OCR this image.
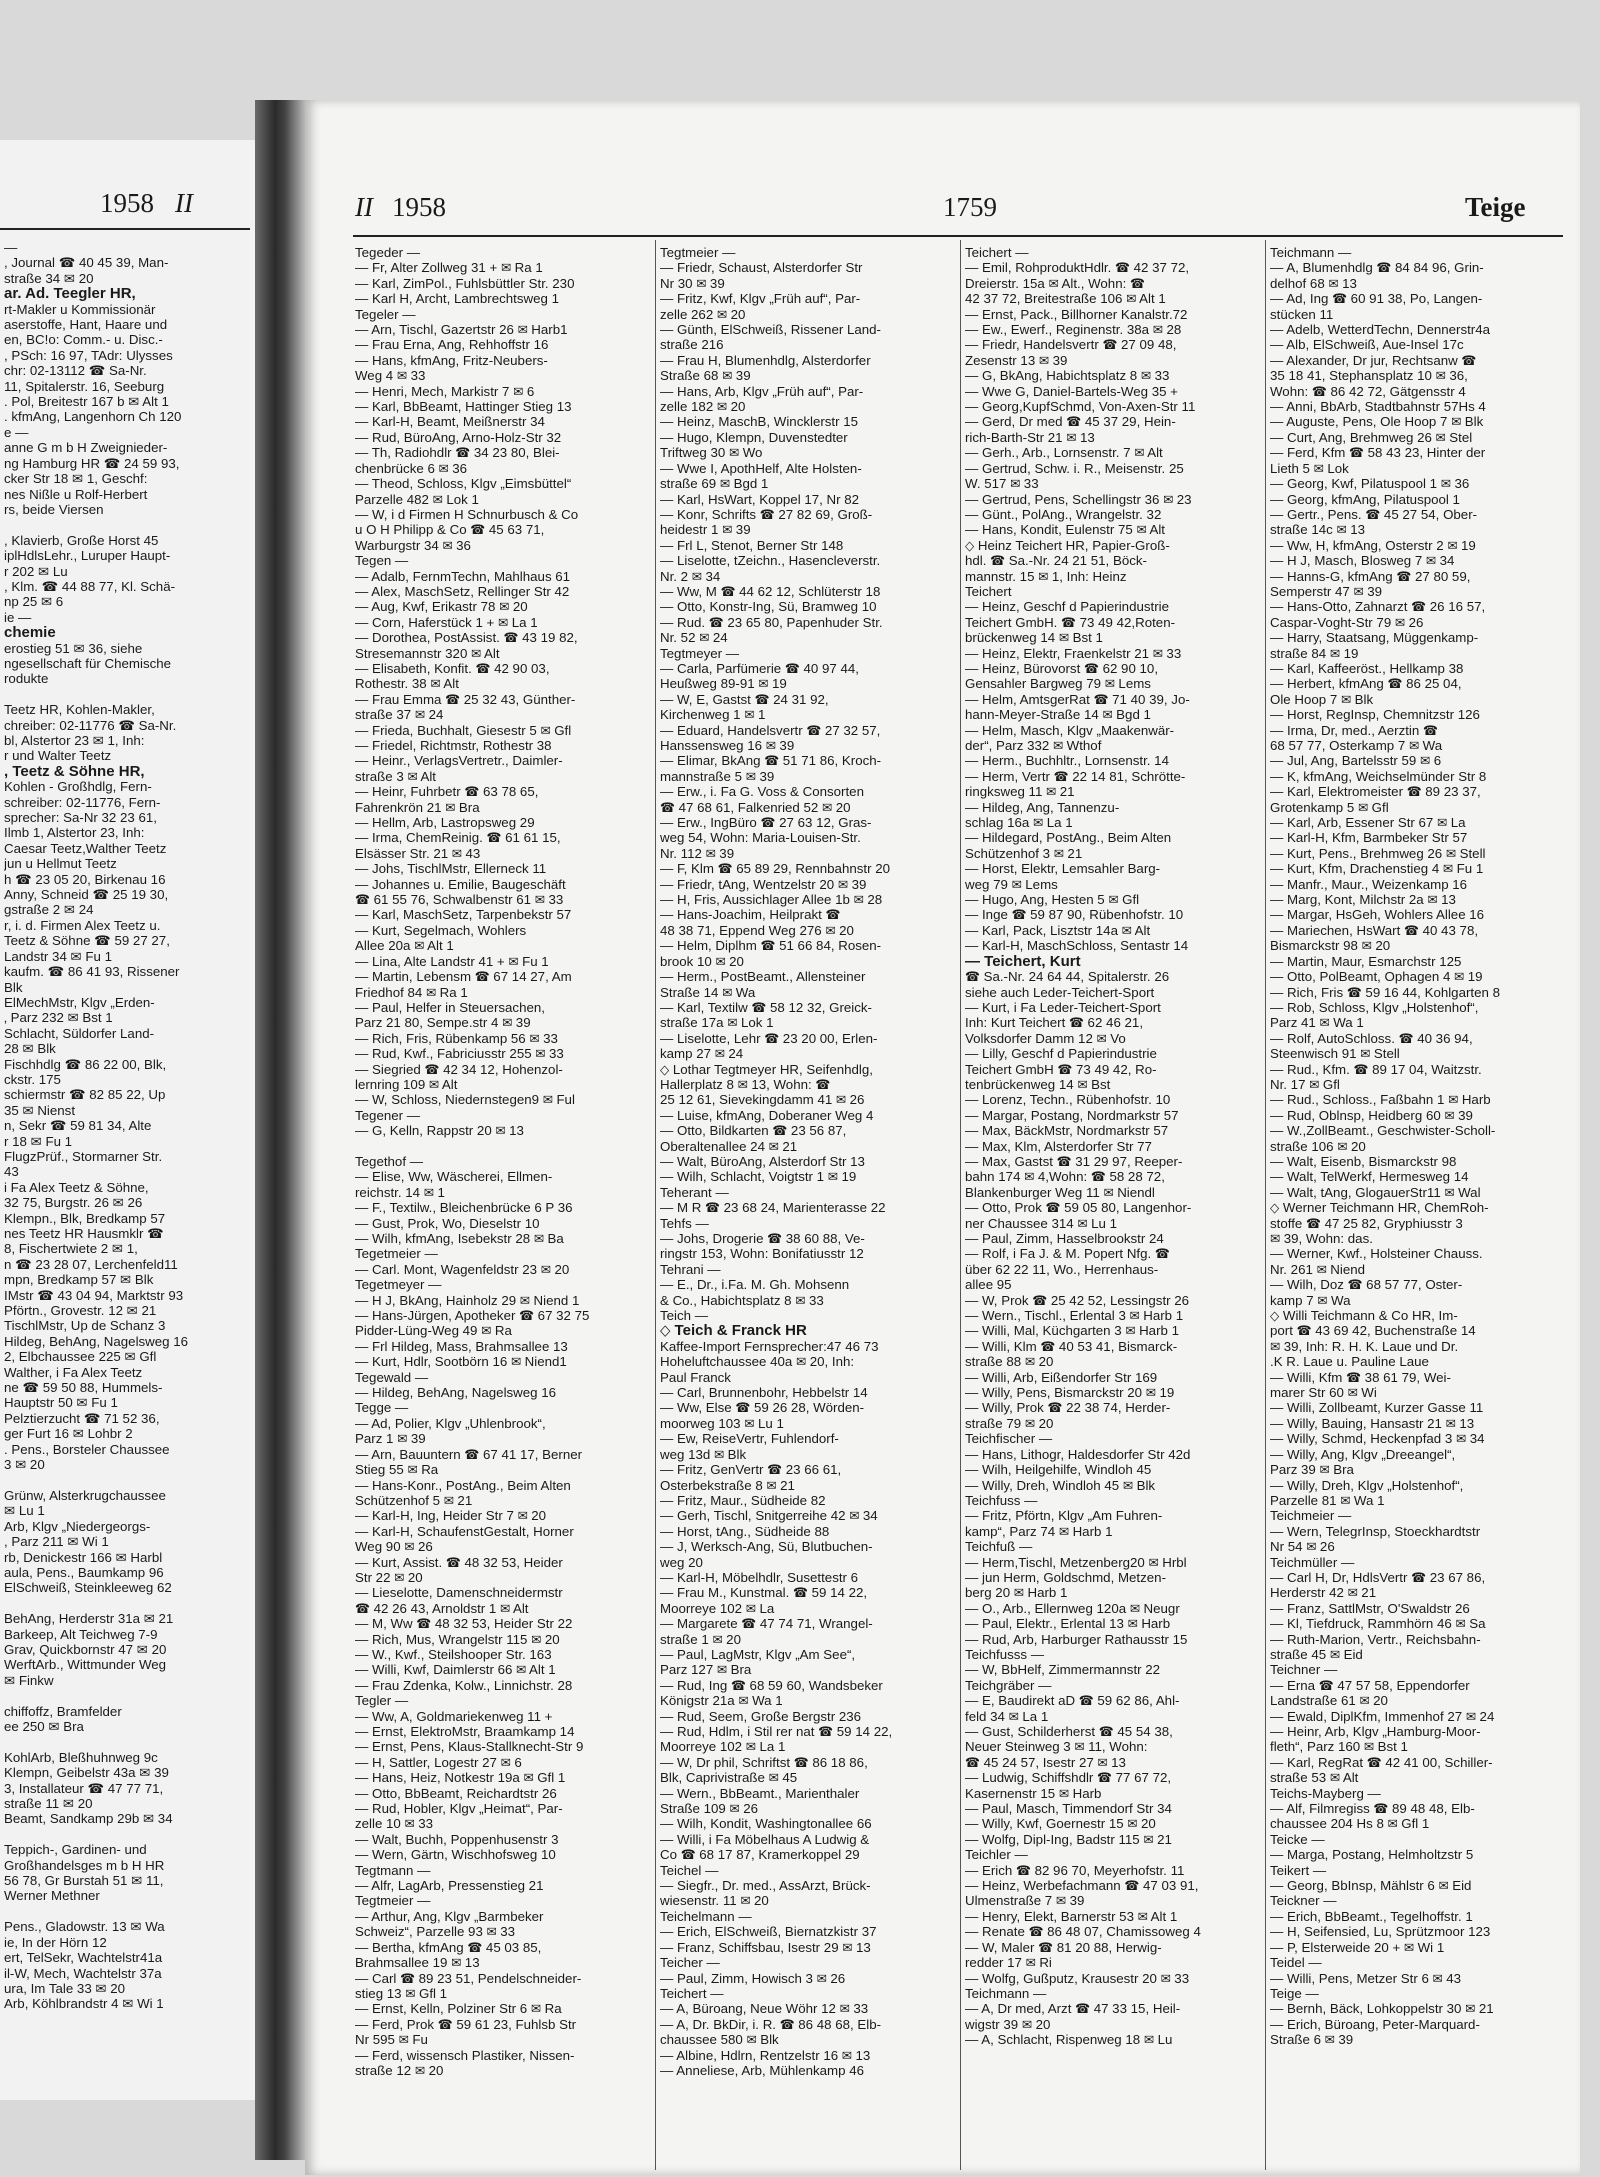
1958 II
—
, Journal ☎ 40 45 39, Man-
straße 34 ✉ 20
ar. Ad. Teegler HR,
rt-Makler u Kommissionär
aserstoffe, Hant, Haare und
en, BC!o: Comm.- u. Disc.-
, PSch: 16 97, TAdr: Ulysses
chr: 02-13112 ☎ Sa-Nr.
11, Spitalerstr. 16, Seeburg
. Pol, Breitestr 167 b ✉ Alt 1
. kfmAng, Langenhorn Ch 120
e —
anne G m b H Zweignieder-
ng Hamburg HR ☎ 24 59 93,
cker Str 18 ✉ 1, Geschf:
nes Nißle u Rolf-Herbert
rs, beide Viersen

, Klavierb, Große Horst 45
iplHdlsLehr., Luruper Haupt-
r 202 ✉ Lu
, Klm. ☎ 44 88 77, Kl. Schä-
np 25 ✉ 6
ie —
chemie
erostieg 51 ✉ 36, siehe
ngesellschaft für Chemische
rodukte

Teetz HR, Kohlen-Makler,
chreiber: 02-11776 ☎ Sa-Nr.
bl, Alstertor 23 ✉ 1, Inh:
r und Walter Teetz
, Teetz & Söhne HR,
Kohlen - Großhdlg, Fern-
schreiber: 02-11776, Fern-
sprecher: Sa-Nr 32 23 61,
Ilmb 1, Alstertor 23, Inh:
Caesar Teetz,Walther Teetz
jun u Hellmut Teetz
h ☎ 23 05 20, Birkenau 16
Anny, Schneid ☎ 25 19 30,
gstraße 2 ✉ 24
r, i. d. Firmen Alex Teetz u.
Teetz & Söhne ☎ 59 27 27,
Landstr 34 ✉ Fu 1
kaufm. ☎ 86 41 93, Rissener
Blk
ElMechMstr, Klgv „Erden-
‚ Parz 232 ✉ Bst 1
Schlacht, Süldorfer Land-
28 ✉ Blk
Fischhdlg ☎ 86 22 00, Blk,
ckstr. 175
schiermstr ☎ 82 85 22, Up
35 ✉ Nienst
n, Sekr ☎ 59 81 34, Alte
r 18 ✉ Fu 1
FlugzPrüf., Stormarner Str.
43
i Fa Alex Teetz & Söhne,
32 75, Burgstr. 26 ✉ 26
Klempn., Blk, Bredkamp 57
nes Teetz HR Hausmklr ☎
8, Fischertwiete 2 ✉ 1,
n ☎ 23 28 07, Lerchenfeld11
mpn, Bredkamp 57 ✉ Blk
IMstr ☎ 43 04 94, Marktstr 93
Pförtn., Grovestr. 12 ✉ 21
TischlMstr, Up de Schanz 3
Hildeg, BehAng, Nagelsweg 16
2, Elbchaussee 225 ✉ Gfl
Walther, i Fa Alex Teetz
ne ☎ 59 50 88, Hummels-
Hauptstr 50 ✉ Fu 1
Pelztierzucht ☎ 71 52 36,
ger Furt 16 ✉ Lohbr 2
. Pens., Borsteler Chaussee
3 ✉ 20

Grünw, Alsterkrugchaussee
✉ Lu 1
Arb, Klgv „Niedergeorgs-
, Parz 211 ✉ Wi 1
rb, Denickestr 166 ✉ Harbl
aula, Pens., Baumkamp 96
ElSchweiß, Steinkleeweg 62

BehAng, Herderstr 31a ✉ 21
Barkeep, Alt Teichweg 7-9
Grav, Quickbornstr 47 ✉ 20
WerftArb., Wittmunder Weg
✉ Finkw

chiffoffz, Bramfelder
ee 250 ✉ Bra

KohlArb, Bleßhuhnweg 9c
Klempn, Geibelstr 43a ✉ 39
3, Installateur ☎ 47 77 71,
straße 11 ✉ 20
Beamt, Sandkamp 29b ✉ 34

Teppich-, Gardinen- und
Großhandelsges m b H HR
56 78, Gr Burstah 51 ✉ 11,
Werner Methner

Pens., Gladowstr. 13 ✉ Wa
ie, In der Hörn 12
ert, TelSekr, Wachtelstr41a
il-W, Mech, Wachtelstr 37a
ura, Im Tale 33 ✉ 20
Arb, Köhlbrandstr 4 ✉ Wi 1
II 1958	1759	Teige
Tegeder —
— Fr, Alter Zollweg 31 + ✉ Ra 1
— Karl, ZimPol., Fuhlsbüttler Str. 230
— Karl H, Archt, Lambrechtsweg 1
Tegeler —
— Arn, Tischl, Gazertstr 26 ✉ Harb1
— Frau Erna, Ang, Rehhoffstr 16
— Hans, kfmAng, Fritz-Neubers-
Weg 4 ✉ 33
— Henri, Mech, Markistr 7 ✉ 6
— Karl, BbBeamt, Hattinger Stieg 13
— Karl-H, Beamt, Meißnerstr 34
— Rud, BüroAng, Arno-Holz-Str 32
— Th, Radiohdlr ☎ 34 23 80, Blei-
chenbrücke 6 ✉ 36
— Theod, Schloss, Klgv „Eimsbüttel“
Parzelle 482 ✉ Lok 1
— W, i d Firmen H Schnurbusch & Co
u O H Philipp & Co ☎ 45 63 71,
Warburgstr 34 ✉ 36
Tegen —
— Adalb, FernmTechn, Mahlhaus 61
— Alex, MaschSetz, Rellinger Str 42
— Aug, Kwf, Erikastr 78 ✉ 20
— Corn, Haferstück 1 + ✉ La 1
— Dorothea, PostAssist. ☎ 43 19 82,
Stresemannstr 320 ✉ Alt
— Elisabeth, Konfit. ☎ 42 90 03,
Rothestr. 38 ✉ Alt
— Frau Emma ☎ 25 32 43, Günther-
straße 37 ✉ 24
— Frieda, Buchhalt, Giesestr 5 ✉ Gfl
— Friedel, Richtmstr, Rothestr 38
— Heinr., VerlagsVertretr., Daimler-
straße 3 ✉ Alt
— Heinr, Fuhrbetr ☎ 63 78 65,
Fahrenkrön 21 ✉ Bra
— Hellm, Arb, Lastropsweg 29
— Irma, ChemReinig. ☎ 61 61 15,
Elsässer Str. 21 ✉ 43
— Johs, TischlMstr, Ellerneck 11
— Johannes u. Emilie, Baugeschäft
☎ 61 55 76, Schwalbenstr 61 ✉ 33
— Karl, MaschSetz, Tarpenbekstr 57
— Kurt, Segelmach, Wohlers
Allee 20a ✉ Alt 1
— Lina, Alte Landstr 41 + ✉ Fu 1
— Martin, Lebensm ☎ 67 14 27, Am
Friedhof 84 ✉ Ra 1
— Paul, Helfer in Steuersachen,
Parz 21 80, Sempe.str 4 ✉ 39
— Rich, Fris, Rübenkamp 56 ✉ 33
— Rud, Kwf., Fabriciusstr 255 ✉ 33
— Siegried ☎ 42 34 12, Hohenzol-
lernring 109 ✉ Alt
— W, Schloss, Niedernstegen9 ✉ Ful
Tegener —
— G, Kelln, Rappstr 20 ✉ 13

Tegethof —
— Elise, Ww, Wäscherei, Ellmen-
reichstr. 14 ✉ 1
— F., Textilw., Bleichenbrücke 6 P 36
— Gust, Prok, Wo, Dieselstr 10
— Wilh, kfmAng, Isebekstr 28 ✉ Ba
Tegetmeier —
— Carl. Mont, Wagenfeldstr 23 ✉ 20
Tegetmeyer —
— H J, BkAng, Hainholz 29 ✉ Niend 1
— Hans-Jürgen, Apotheker ☎ 67 32 75
Pidder-Lüng-Weg 49 ✉ Ra
— Frl Hildeg, Mass, Brahmsallee 13
— Kurt, Hdlr, Sootbörn 16 ✉ Niend1
Tegewald —
— Hildeg, BehAng, Nagelsweg 16
Tegge —
— Ad, Polier, Klgv „Uhlenbrook“,
Parz 1 ✉ 39
— Arn, Bauuntern ☎ 67 41 17, Berner
Stieg 55 ✉ Ra
— Hans-Konr., PostAng., Beim Alten
Schützenhof 5 ✉ 21
— Karl-H, Ing, Heider Str 7 ✉ 20
— Karl-H, SchaufenstGestalt, Horner
Weg 90 ✉ 26
— Kurt, Assist. ☎ 48 32 53, Heider
Str 22 ✉ 20
— Lieselotte, Damenschneidermstr
☎ 42 26 43, Arnoldstr 1 ✉ Alt
— M, Ww ☎ 48 32 53, Heider Str 22
— Rich, Mus, Wrangelstr 115 ✉ 20
— W., Kwf., Steilshooper Str. 163
— Willi, Kwf, Daimlerstr 66 ✉ Alt 1
— Frau Zdenka, Kolw., Linnichstr. 28
Tegler —
— Ww, A, Goldmariekenweg 11 +
— Ernst, ElektroMstr, Braamkamp 14
— Ernst, Pens, Klaus-Stallknecht-Str 9
— H, Sattler, Logestr 27 ✉ 6
— Hans, Heiz, Notkestr 19a ✉ Gfl 1
— Otto, BbBeamt, Reichardtstr 26
— Rud, Hobler, Klgv „Heimat“, Par-
zelle 10 ✉ 33
— Walt, Buchh, Poppenhusenstr 3
— Wern, Gärtn, Wischhofsweg 10
Tegtmann —
— Alfr, LagArb, Pressenstieg 21
Tegtmeier —
— Arthur, Ang, Klgv „Barmbeker
Schweiz“, Parzelle 93 ✉ 33
— Bertha, kfmAng ☎ 45 03 85,
Brahmsallee 19 ✉ 13
— Carl ☎ 89 23 51, Pendelschneider-
stieg 13 ✉ Gfl 1
— Ernst, Kelln, Polziner Str 6 ✉ Ra
— Ferd, Prok ☎ 59 61 23, Fuhlsb Str
Nr 595 ✉ Fu
— Ferd, wissensch Plastiker, Nissen-
straße 12 ✉ 20
Tegtmeier —
— Friedr, Schaust, Alsterdorfer Str
Nr 30 ✉ 39
— Fritz, Kwf, Klgv „Früh auf“, Par-
zelle 262 ✉ 20
— Günth, ElSchweiß, Rissener Land-
straße 216
— Frau H, Blumenhdlg, Alsterdorfer
Straße 68 ✉ 39
— Hans, Arb, Klgv „Früh auf“, Par-
zelle 182 ✉ 20
— Heinz, MaschB, Wincklerstr 15
— Hugo, Klempn, Duvenstedter
Triftweg 30 ✉ Wo
— Wwe I, ApothHelf, Alte Holsten-
straße 69 ✉ Bgd 1
— Karl, HsWart, Koppel 17, Nr 82
— Konr, Schrifts ☎ 27 82 69, Groß-
heidestr 1 ✉ 39
— Frl L, Stenot, Berner Str 148
— Liselotte, tZeichn., Hasencleverstr.
Nr. 2 ✉ 34
— Ww, M ☎ 44 62 12, Schlüterstr 18
— Otto, Konstr-Ing, Sü, Bramweg 10
— Rud. ☎ 23 65 80, Papenhuder Str.
Nr. 52 ✉ 24
Tegtmeyer —
— Carla, Parfümerie ☎ 40 97 44,
Heußweg 89-91 ✉ 19
— W, E, Gastst ☎ 24 31 92,
Kirchenweg 1 ✉ 1
— Eduard, Handelsvertr ☎ 27 32 57,
Hanssensweg 16 ✉ 39
— Elimar, BkAng ☎ 51 71 86, Kroch-
mannstraße 5 ✉ 39
— Erw., i. Fa G. Voss & Consorten
☎ 47 68 61, Falkenried 52 ✉ 20
— Erw., IngBüro ☎ 27 63 12, Gras-
weg 54, Wohn: Maria-Louisen-Str.
Nr. 112 ✉ 39
— F, Klm ☎ 65 89 29, Rennbahnstr 20
— Friedr, tAng, Wentzelstr 20 ✉ 39
— H, Fris, Aussichlager Allee 1b ✉ 28
— Hans-Joachim, Heilprakt ☎
48 38 71, Eppend Weg 276 ✉ 20
— Helm, Diplhm ☎ 51 66 84, Rosen-
brook 10 ✉ 20
— Herm., PostBeamt., Allensteiner
Straße 14 ✉ Wa
— Karl, Textilw ☎ 58 12 32, Greick-
straße 17a ✉ Lok 1
— Liselotte, Lehr ☎ 23 20 00, Erlen-
kamp 27 ✉ 24
◇ Lothar Tegtmeyer HR, Seifenhdlg,
Hallerplatz 8 ✉ 13, Wohn: ☎
25 12 61, Sievekingdamm 41 ✉ 26
— Luise, kfmAng, Doberaner Weg 4
— Otto, Bildkarten ☎ 23 56 87,
Oberaltenallee 24 ✉ 21
— Walt, BüroAng, Alsterdorf Str 13
— Wilh, Schlacht, Voigtstr 1 ✉ 19
Teherant —
— M R ☎ 23 68 24, Marienterasse 22
Tehfs —
— Johs, Drogerie ☎ 38 60 88, Ve-
ringstr 153, Wohn: Bonifatiusstr 12
Tehrani —
— E., Dr., i.Fa. M. Gh. Mohsenn
& Co., Habichtsplatz 8 ✉ 33
Teich —
◇ Teich & Franck HR
Kaffee-Import Fernsprecher:47 46 73
Hoheluftchaussee 40a ✉ 20, Inh:
Paul Franck
— Carl, Brunnenbohr, Hebbelstr 14
— Ww, Else ☎ 59 26 28, Wörden-
moorweg 103 ✉ Lu 1
— Ew, ReiseVertr, Fuhlendorf-
weg 13d ✉ Blk
— Fritz, GenVertr ☎ 23 66 61,
Osterbekstraße 8 ✉ 21
— Fritz, Maur., Südheide 82
— Gerh, Tischl, Snitgerreihe 42 ✉ 34
— Horst, tAng., Südheide 88
— J, Werksch-Ang, Sü, Blutbuchen-
weg 20
— Karl-H, Möbelhdlr, Susettestr 6
— Frau M., Kunstmal. ☎ 59 14 22,
Moorreye 102 ✉ La
— Margarete ☎ 47 74 71, Wrangel-
straße 1 ✉ 20
— Paul, LagMstr, Klgv „Am See“,
Parz 127 ✉ Bra
— Rud, Ing ☎ 68 59 60, Wandsbeker
Königstr 21a ✉ Wa 1
— Rud, Seem, Große Bergstr 236
— Rud, Hdlm, i Stil rer nat ☎ 59 14 22,
Moorreye 102 ✉ La 1
— W, Dr phil, Schriftst ☎ 86 18 86,
Blk, Caprivistraße ✉ 45
— Wern., BbBeamt., Marienthaler
Straße 109 ✉ 26
— Wilh, Kondit, Washingtonallee 66
— Willi, i Fa Möbelhaus A Ludwig &
Co ☎ 68 17 87, Kramerkoppel 29
Teichel —
— Siegfr., Dr. med., AssArzt, Brück-
wiesenstr. 11 ✉ 20
Teichelmann —
— Erich, ElSchweiß, Biernatzkistr 37
— Franz, Schiffsbau, Isestr 29 ✉ 13
Teicher —
— Paul, Zimm, Howisch 3 ✉ 26
Teichert —
— A, Büroang, Neue Wöhr 12 ✉ 33
— A, Dr. BkDir, i. R. ☎ 86 48 68, Elb-
chaussee 580 ✉ Blk
— Albine, Hdlrn, Rentzelstr 16 ✉ 13
— Anneliese, Arb, Mühlenkamp 46
Teichert —
— Emil, RohproduktHdlr. ☎ 42 37 72,
Dreierstr. 15a ✉ Alt., Wohn: ☎
42 37 72, Breitestraße 106 ✉ Alt 1
— Ernst, Pack., Billhorner Kanalstr.72
— Ew., Ewerf., Reginenstr. 38a ✉ 28
— Friedr, Handelsvertr ☎ 27 09 48,
Zesenstr 13 ✉ 39
— G, BkAng, Habichtsplatz 8 ✉ 33
— Wwe G, Daniel-Bartels-Weg 35 +
— Georg,KupfSchmd, Von-Axen-Str 11
— Gerd, Dr med ☎ 45 37 29, Hein-
rich-Barth-Str 21 ✉ 13
— Gerh., Arb., Lornsenstr. 7 ✉ Alt
— Gertrud, Schw. i. R., Meisenstr. 25
W. 517 ✉ 33
— Gertrud, Pens, Schellingstr 36 ✉ 23
— Günt., PolAng., Wrangelstr. 32
— Hans, Kondit, Eulenstr 75 ✉ Alt
◇ Heinz Teichert HR, Papier-Groß-
hdl. ☎ Sa.-Nr. 24 21 51, Böck-
mannstr. 15 ✉ 1, Inh: Heinz
Teichert
— Heinz, Geschf d Papierindustrie
Teichert GmbH. ☎ 73 49 42,Roten-
brückenweg 14 ✉ Bst 1
— Heinz, Elektr, Fraenkelstr 21 ✉ 33
— Heinz, Bürovorst ☎ 62 90 10,
Gensahler Bargweg 79 ✉ Lems
— Helm, AmtsgerRat ☎ 71 40 39, Jo-
hann-Meyer-Straße 14 ✉ Bgd 1
— Helm, Masch, Klgv „Maakenwär-
der“, Parz 332 ✉ Wthof
— Herm., Buchhltr., Lornsenstr. 14
— Herm, Vertr ☎ 22 14 81, Schrötte-
ringksweg 11 ✉ 21
— Hildeg, Ang, Tannenzu-
schlag 16a ✉ La 1
— Hildegard, PostAng., Beim Alten
Schützenhof 3 ✉ 21
— Horst, Elektr, Lemsahler Barg-
weg 79 ✉ Lems
— Hugo, Ang, Hesten 5 ✉ Gfl
— Inge ☎ 59 87 90, Rübenhofstr. 10
— Karl, Pack, Lisztstr 14a ✉ Alt
— Karl-H, MaschSchloss, Sentastr 14
— Teichert, Kurt
☎ Sa.-Nr. 24 64 44, Spitalerstr. 26
siehe auch Leder-Teichert-Sport
— Kurt, i Fa Leder-Teichert-Sport
Inh: Kurt Teichert ☎ 62 46 21,
Volksdorfer Damm 12 ✉ Vo
— Lilly, Geschf d Papierindustrie
Teichert GmbH ☎ 73 49 42, Ro-
tenbrückenweg 14 ✉ Bst
— Lorenz, Techn., Rübenhofstr. 10
— Margar, Postang, Nordmarkstr 57
— Max, BäckMstr, Nordmarkstr 57
— Max, Klm, Alsterdorfer Str 77
— Max, Gastst ☎ 31 29 97, Reeper-
bahn 174 ✉ 4,Wohn: ☎ 58 28 72,
Blankenburger Weg 11 ✉ Niendl
— Otto, Prok ☎ 59 05 80, Langenhor-
ner Chaussee 314 ✉ Lu 1
— Paul, Zimm, Hasselbrookstr 24
— Rolf, i Fa J. & M. Popert Nfg. ☎
über 62 22 11, Wo., Herrenhaus-
allee 95
— W, Prok ☎ 25 42 52, Lessingstr 26
— Wern., Tischl., Erlental 3 ✉ Harb 1
— Willi, Mal, Küchgarten 3 ✉ Harb 1
— Willi, Klm ☎ 40 53 41, Bismarck-
straße 88 ✉ 20
— Willi, Arb, Eißendorfer Str 169
— Willy, Pens, Bismarckstr 20 ✉ 19
— Willy, Prok ☎ 22 38 74, Herder-
straße 79 ✉ 20
Teichfischer —
— Hans, Lithogr, Haldesdorfer Str 42d
— Wilh, Heilgehilfe, Windloh 45
— Willy, Dreh, Windloh 45 ✉ Blk
Teichfuss —
— Fritz, Pförtn, Klgv „Am Fuhren-
kamp“, Parz 74 ✉ Harb 1
Teichfuß —
— Herm,Tischl, Metzenberg20 ✉ Hrbl
— jun Herm, Goldschmd, Metzen-
berg 20 ✉ Harb 1
— O., Arb., Ellernweg 120a ✉ Neugr
— Paul, Elektr., Erlental 13 ✉ Harb
— Rud, Arb, Harburger Rathausstr 15
Teichfusss —
— W, BbHelf, Zimmermannstr 22
Teichgräber —
— E, Baudirekt aD ☎ 59 62 86, Ahl-
feld 34 ✉ La 1
— Gust, Schilderherst ☎ 45 54 38,
Neuer Steinweg 3 ✉ 11, Wohn:
☎ 45 24 57, Isestr 27 ✉ 13
— Ludwig, Schiffshdlr ☎ 77 67 72,
Kasernenstr 15 ✉ Harb
— Paul, Masch, Timmendorf Str 34
— Willy, Kwf, Goernestr 15 ✉ 20
— Wolfg, Dipl-Ing, Badstr 115 ✉ 21
Teichler —
— Erich ☎ 82 96 70, Meyerhofstr. 11
— Heinz, Werbefachmann ☎ 47 03 91,
Ulmenstraße 7 ✉ 39
— Henry, Elekt, Barnerstr 53 ✉ Alt 1
— Renate ☎ 86 48 07, Chamissoweg 4
— W, Maler ☎ 81 20 88, Herwig-
redder 17 ✉ Ri
— Wolfg, Gußputz, Krausestr 20 ✉ 33
Teichmann —
— A, Dr med, Arzt ☎ 47 33 15, Heil-
wigstr 39 ✉ 20
— A, Schlacht, Rispenweg 18 ✉ Lu
Teichmann —
— A, Blumenhdlg ☎ 84 84 96, Grin-
delhof 68 ✉ 13
— Ad, Ing ☎ 60 91 38, Po, Langen-
stücken 11
— Adelb, WetterdTechn, Dennerstr4a
— Alb, ElSchweiß, Aue-Insel 17c
— Alexander, Dr jur, Rechtsanw ☎
35 18 41, Stephansplatz 10 ✉ 36,
Wohn: ☎ 86 42 72, Gätgensstr 4
— Anni, BbArb, Stadtbahnstr 57Hs 4
— Auguste, Pens, Ole Hoop 7 ✉ Blk
— Curt, Ang, Brehmweg 26 ✉ Stel
— Ferd, Kfm ☎ 58 43 23, Hinter der
Lieth 5 ✉ Lok
— Georg, Kwf, Pilatuspool 1 ✉ 36
— Georg, kfmAng, Pilatuspool 1
— Gertr., Pens. ☎ 45 27 54, Ober-
straße 14c ✉ 13
— Ww, H, kfmAng, Osterstr 2 ✉ 19
— H J, Masch, Blosweg 7 ✉ 34
— Hanns-G, kfmAng ☎ 27 80 59,
Semperstr 47 ✉ 39
— Hans-Otto, Zahnarzt ☎ 26 16 57,
Caspar-Voght-Str 79 ✉ 26
— Harry, Staatsang, Müggenkamp-
straße 84 ✉ 19
— Karl, Kaffeeröst., Hellkamp 38
— Herbert, kfmAng ☎ 86 25 04,
Ole Hoop 7 ✉ Blk
— Horst, RegInsp, Chemnitzstr 126
— Irma, Dr, med., Aerztin ☎
68 57 77, Osterkamp 7 ✉ Wa
— Jul, Ang, Bartelsstr 59 ✉ 6
— K, kfmAng, Weichselmünder Str 8
— Karl, Elektromeister ☎ 89 23 37,
Grotenkamp 5 ✉ Gfl
— Karl, Arb, Essener Str 67 ✉ La
— Karl-H, Kfm, Barmbeker Str 57
— Kurt, Pens., Brehmweg 26 ✉ Stell
— Kurt, Kfm, Drachenstieg 4 ✉ Fu 1
— Manfr., Maur., Weizenkamp 16
— Marg, Kont, Milchstr 2a ✉ 13
— Margar, HsGeh, Wohlers Allee 16
— Mariechen, HsWart ☎ 40 43 78,
Bismarckstr 98 ✉ 20
— Martin, Maur, Esmarchstr 125
— Otto, PolBeamt, Ophagen 4 ✉ 19
— Rich, Fris ☎ 59 16 44, Kohlgarten 8
— Rob, Schloss, Klgv „Holstenhof“,
Parz 41 ✉ Wa 1
— Rolf, AutoSchloss. ☎ 40 36 94,
Steenwisch 91 ✉ Stell
— Rud., Kfm. ☎ 89 17 04, Waitzstr.
Nr. 17 ✉ Gfl
— Rud., Schloss., Faßbahn 1 ✉ Harb
— Rud, Oblnsp, Heidberg 60 ✉ 39
— W.,ZollBeamt., Geschwister-Scholl-
straße 106 ✉ 20
— Walt, Eisenb, Bismarckstr 98
— Walt, TelWerkf, Hermesweg 14
— Walt, tAng, GlogauerStr11 ✉ Wal
◇ Werner Teichmann HR, ChemRoh-
stoffe ☎ 47 25 82, Gryphiusstr 3
✉ 39, Wohn: das.
— Werner, Kwf., Holsteiner Chauss.
Nr. 261 ✉ Niend
— Wilh, Doz ☎ 68 57 77, Oster-
kamp 7 ✉ Wa
◇ Willi Teichmann & Co HR, Im-
port ☎ 43 69 42, Buchenstraße 14
✉ 39, Inh: R. H. K. Laue und Dr.
.K R. Laue u. Pauline Laue
— Willi, Kfm ☎ 38 61 79, Wei-
marer Str 60 ✉ Wi
— Willi, Zollbeamt, Kurzer Gasse 11
— Willy, Bauing, Hansastr 21 ✉ 13
— Willy, Schmd, Heckenpfad 3 ✉ 34
— Willy, Ang, Klgv „Dreeangel“,
Parz 39 ✉ Bra
— Willy, Dreh, Klgv „Holstenhof“,
Parzelle 81 ✉ Wa 1
Teichmeier —
— Wern, TelegrInsp, Stoeckhardtstr
Nr 54 ✉ 26
Teichmüller —
— Carl H, Dr, HdlsVertr ☎ 23 67 86,
Herderstr 42 ✉ 21
— Franz, SattlMstr, O'Swaldstr 26
— Kl, Tiefdruck, Rammhörn 46 ✉ Sa
— Ruth-Marion, Vertr., Reichsbahn-
straße 45 ✉ Eid
Teichner —
— Erna ☎ 47 57 58, Eppendorfer
Landstraße 61 ✉ 20
— Ewald, DiplKfm, Immenhof 27 ✉ 24
— Heinr, Arb, Klgv „Hamburg-Moor-
fleth“, Parz 160 ✉ Bst 1
— Karl, RegRat ☎ 42 41 00, Schiller-
straße 53 ✉ Alt
Teichs-Mayberg —
— Alf, Filmregiss ☎ 89 48 48, Elb-
chaussee 204 Hs 8 ✉ Gfl 1
Teicke —
— Marga, Postang, Helmholtzstr 5
Teikert —
— Georg, BbInsp, Mählstr 6 ✉ Eid
Teickner —
— Erich, BbBeamt., Tegelhoffstr. 1
— H, Seifensied, Lu, Sprützmoor 123
— P, Elsterweide 20 + ✉ Wi 1
Teidel —
— Willi, Pens, Metzer Str 6 ✉ 43
Teige —
— Bernh, Bäck, Lohkoppelstr 30 ✉ 21
— Erich, Büroang, Peter-Marquard-
Straße 6 ✉ 39
